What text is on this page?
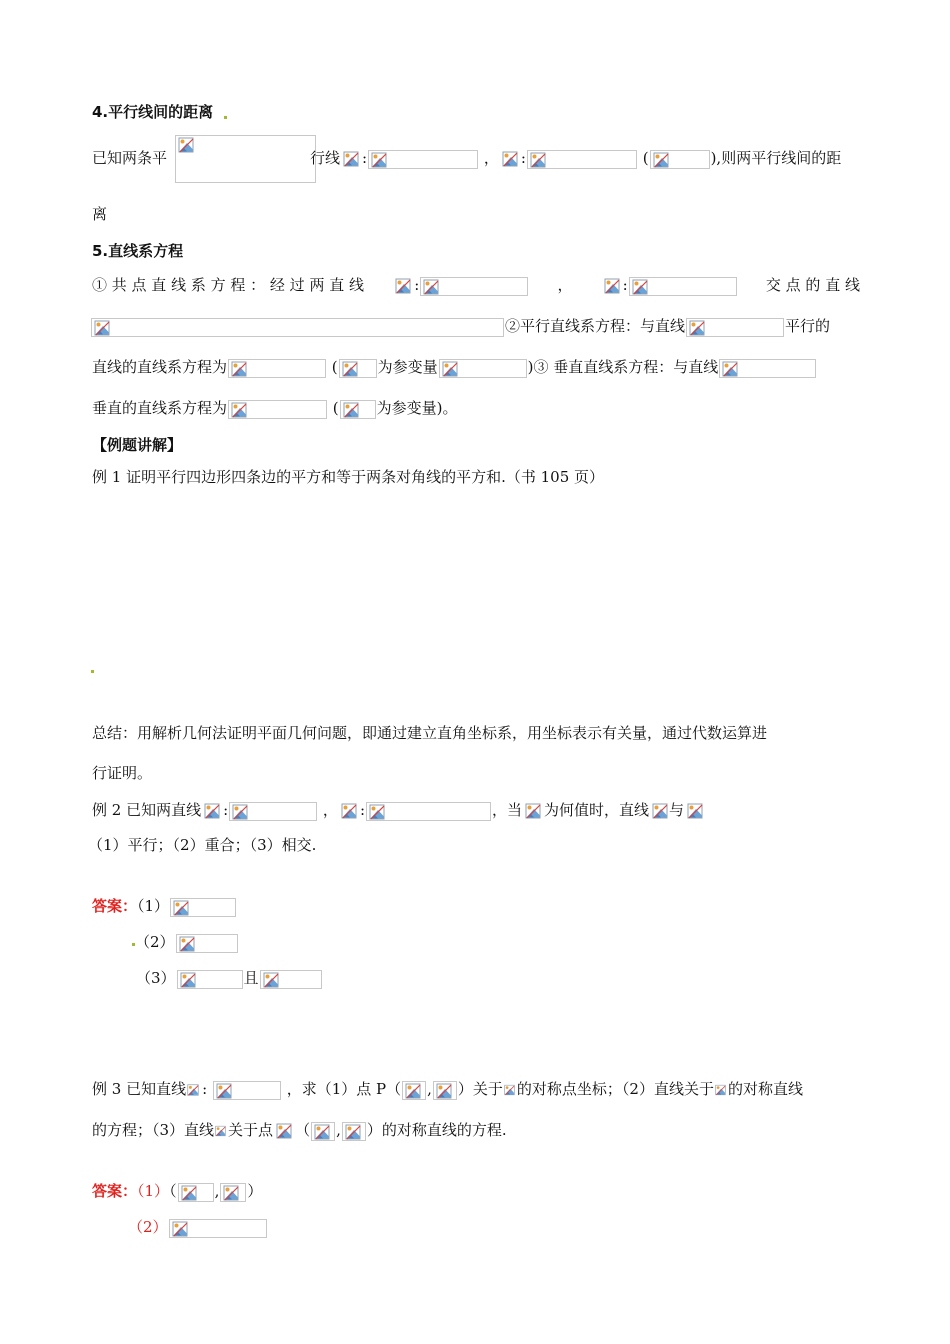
4.平行线间的距离
已知两条平	行线 :	， :	(	),则两平行线间的距
离
5.直线系方程
① 共 点 直 线 系 方 程 ： 经 过 两 直 线	:	，	:	交 点 的 直 线
②平行直线系方程：与直线	平行的
直线的直线系方程为	(	为参变量	)③ 垂直直线系方程：与直线
垂直的直线系方程为	(	为参变量)。
【例题讲解】
例 1 证明平行四边形四条边的平方和等于两条对角线的平方和.（书 105 页）
总结：用解析几何法证明平面几何问题，即通过建立直角坐标系，用坐标表示有关量，通过代数运算进
行证明。
例 2 已知两直线 :	， :	，当 为何值时，直线 与
（1）平行；（2）重合；（3）相交.
答案：（1）
（2）
（3）	且
例 3 已知直线 :	，求（1）点 P（ , ）关于 的对称点坐标；（2）直线关于 的对称直线
的方程；（3）直线 关于点 （ , ）的对称直线的方程.
答案：（1）（	, ）
（2）
